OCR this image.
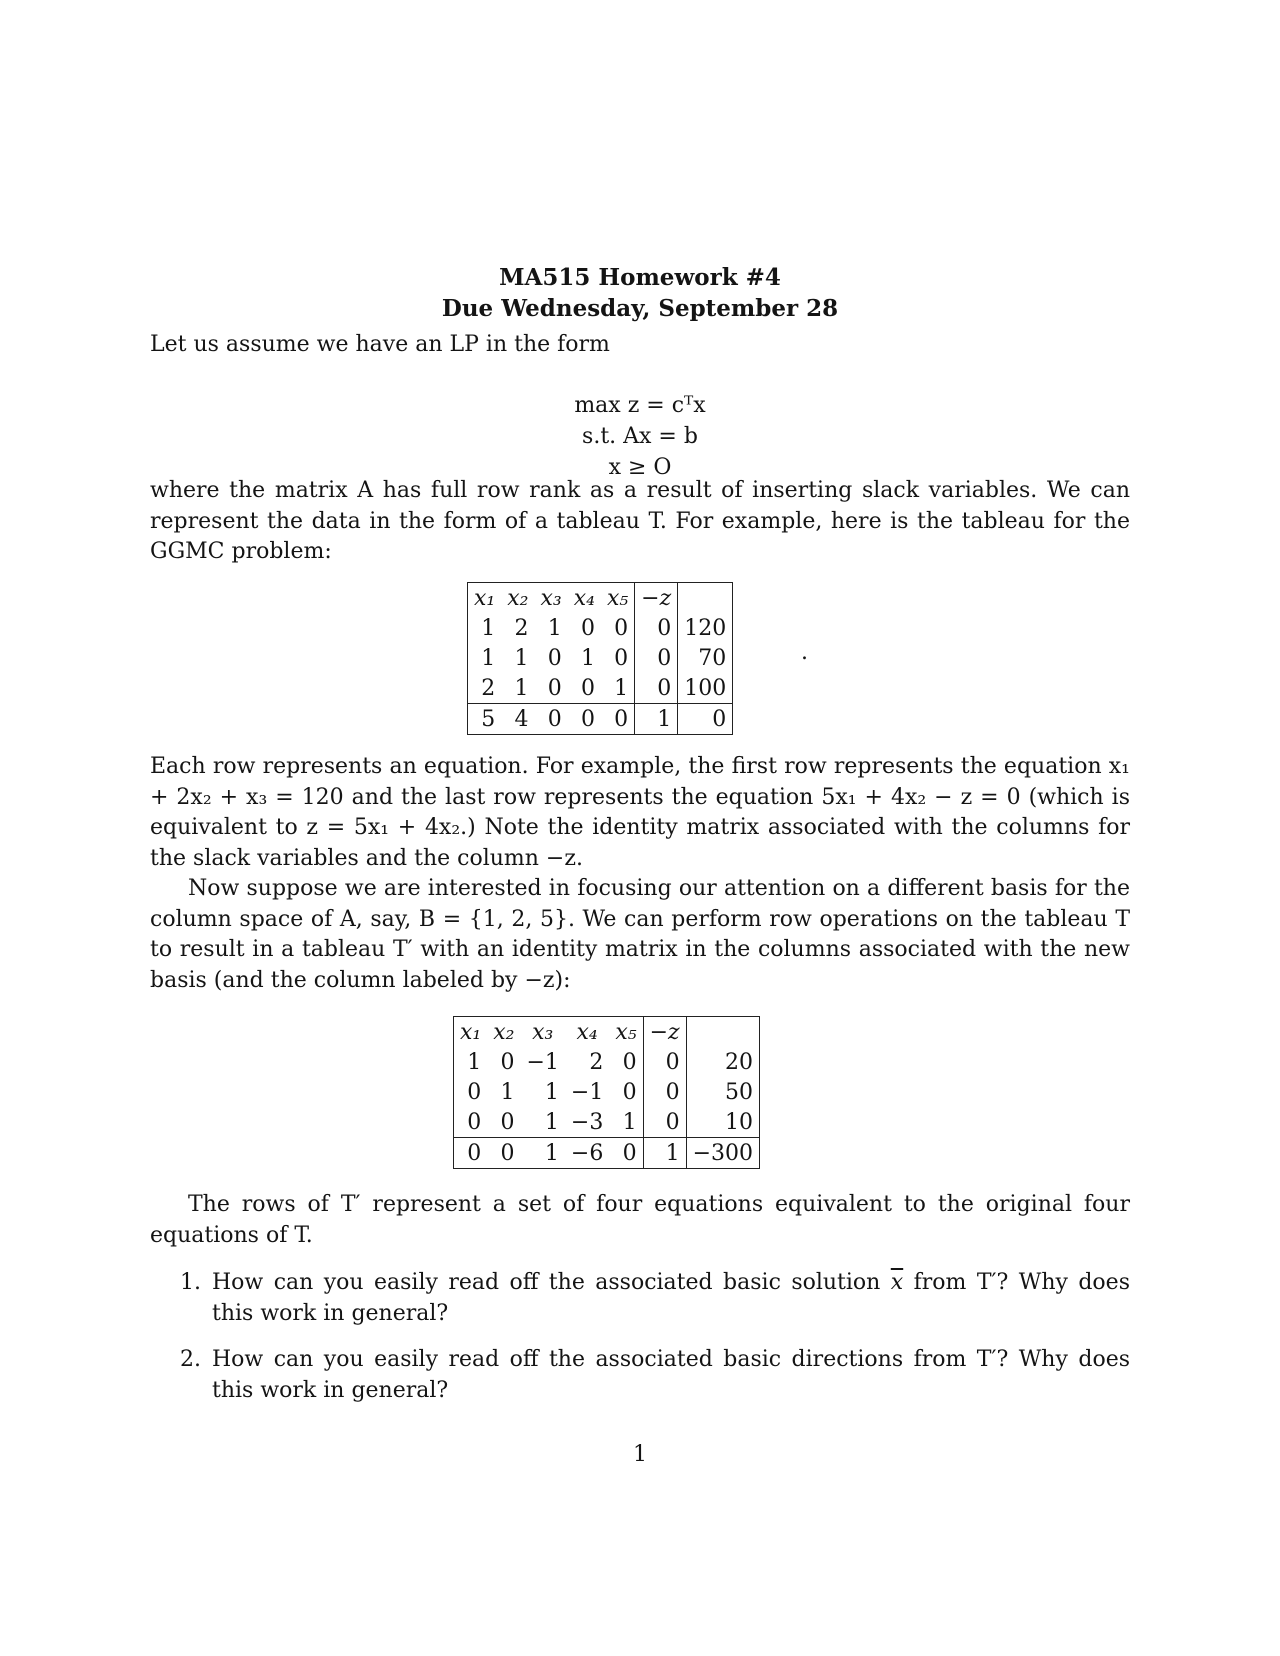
MA515 Homework #4
Due Wednesday, September 28
Let us assume we have an LP in the form
max z = cᵀx
s.t. Ax = b
x ≥ O
where the matrix A has full row rank as a result of inserting slack variables. We can represent the data in the form of a tableau T. For example, here is the tableau for the GGMC problem:
x₁	x₂	x₃	x₄	x₅	−z	
1	2	1	0	0	0	120
1	1	0	1	0	0	70
2	1	0	0	1	0	100
5	4	0	0	0	1	0
.
Each row represents an equation. For example, the first row represents the equation x₁ + 2x₂ + x₃ = 120 and the last row represents the equation 5x₁ + 4x₂ − z = 0 (which is equivalent to z = 5x₁ + 4x₂.) Note the identity matrix associated with the columns for the slack variables and the column −z.
Now suppose we are interested in focusing our attention on a different basis for the column space of A, say, B = {1, 2, 5}. We can perform row operations on the tableau T to result in a tableau T′ with an identity matrix in the columns associated with the new basis (and the column labeled by −z):
x₁	x₂	x₃	x₄	x₅	−z	
1	0	−1	2	0	0	20
0	1	1	−1	0	0	50
0	0	1	−3	1	0	10
0	0	1	−6	0	1	−300
The rows of T′ represent a set of four equations equivalent to the original four equations of T.
1. How can you easily read off the associated basic solution $\overline{x}$ from T′? Why does this work in general?
2. How can you easily read off the associated basic directions from T′? Why does this work in general?
1
